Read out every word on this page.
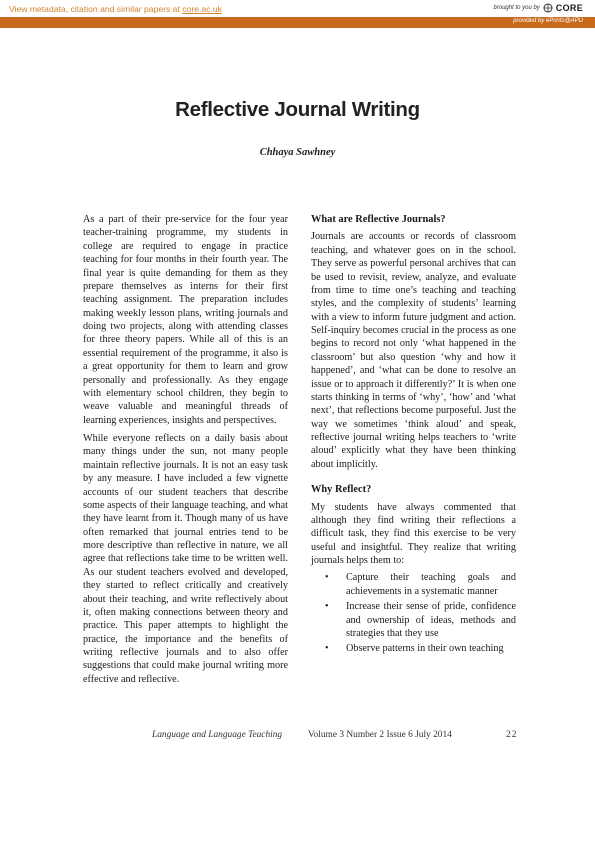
View metadata, citation and similar papers at core.ac.uk	brought to you by CORE
provided by ePrints@APU
Reflective Journal Writing
Chhaya Sawhney

As a part of their pre-service for the four year teacher-training programme, my students in college are required to engage in practice teaching for four months in their fourth year. The final year is quite demanding for them as they prepare themselves as interns for their first teaching assignment. The preparation includes making weekly lesson plans, writing journals and doing two projects, along with attending classes for three theory papers. While all of this is an essential requirement of the programme, it also is a great opportunity for them to learn and grow personally and professionally. As they engage with elementary school children, they begin to weave valuable and meaningful threads of learning experiences, insights and perspectives.

While everyone reflects on a daily basis about many things under the sun, not many people maintain reflective journals. It is not an easy task by any measure. I have included a few vignette accounts of our student teachers that describe some aspects of their language teaching, and what they have learnt from it. Though many of us have often remarked that journal entries tend to be more descriptive than reflective in nature, we all agree that reflections take time to be written well. As our student teachers evolved and developed, they started to reflect critically and creatively about their teaching, and write reflectively about it, often making connections between theory and practice. This paper attempts to highlight the practice, the importance and the benefits of writing reflective journals and to also offer suggestions that could make journal writing more effective and reflective.

What are Reflective Journals?

Journals are accounts or records of classroom teaching, and whatever goes on in the school. They serve as powerful personal archives that can be used to revisit, review, analyze, and evaluate from time to time one’s teaching and teaching styles, and the complexity of students’ learning with a view to inform future judgment and action. Self-inquiry becomes crucial in the process as one begins to record not only ‘what happened in the classroom’ but also question ‘why and how it happened’, and ‘what can be done to resolve an issue or to approach it differently?’ It is when one starts thinking in terms of ‘why’, ‘how’ and ‘what next’, that reflections become purposeful. Just the way we sometimes ‘think aloud’ and speak, reflective journal writing helps teachers to ‘write aloud’ explicitly what they have been thinking about implicitly.

Why Reflect?

My students have always commented that although they find writing their reflections a difficult task, they find this exercise to be very useful and insightful. They realize that writing journals helps them to:

• Capture their teaching goals and achievements in a systematic manner
• Increase their sense of pride, confidence and ownership of ideas, methods and strategies that they use
• Observe patterns in their own teaching
Language and Language Teaching	Volume 3 Number 2 Issue 6 July 2014	22
